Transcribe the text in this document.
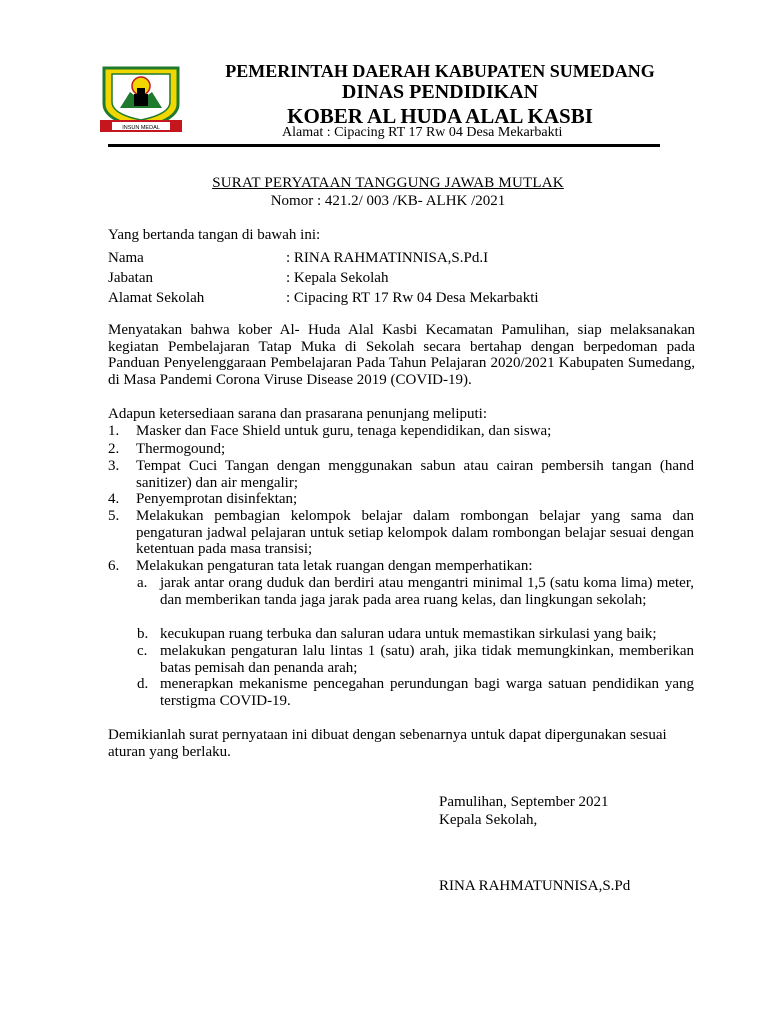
INSUN MEDAL
PEMERINTAH DAERAH KABUPATEN SUMEDANG
DINAS PENDIDIKAN
KOBER AL HUDA ALAL KASBI
Alamat : Cipacing RT 17 Rw 04 Desa Mekarbakti
SURAT PERYATAAN TANGGUNG JAWAB MUTLAK
Nomor : 421.2/ 003 /KB- ALHK /2021
Yang bertanda tangan di bawah ini:
Nama	: RINA RAHMATINNISA,S.Pd.I
Jabatan	: Kepala Sekolah
Alamat Sekolah	: Cipacing RT 17 Rw 04 Desa Mekarbakti
Menyatakan bahwa kober Al- Huda Alal Kasbi Kecamatan Pamulihan, siap melaksanakan kegiatan Pembelajaran Tatap Muka di Sekolah secara bertahap dengan berpedoman pada Panduan Penyelenggaraan Pembelajaran Pada Tahun Pelajaran 2020/2021 Kabupaten Sumedang, di Masa Pandemi Corona Viruse Disease 2019 (COVID-19).
Adapun ketersediaan sarana dan prasarana penunjang meliputi:
1. Masker dan Face Shield untuk guru, tenaga kependidikan, dan siswa;
2. Thermogound;
3. Tempat Cuci Tangan dengan menggunakan sabun atau cairan pembersih tangan (hand sanitizer) dan air mengalir;
4. Penyemprotan disinfektan;
5. Melakukan pembagian kelompok belajar dalam rombongan belajar yang sama dan pengaturan jadwal pelajaran untuk setiap kelompok dalam rombongan belajar sesuai dengan ketentuan pada masa transisi;
6. Melakukan pengaturan tata letak ruangan dengan memperhatikan:
a. jarak antar orang duduk dan berdiri atau mengantri minimal 1,5 (satu koma lima) meter, dan memberikan tanda jaga jarak pada area ruang kelas, dan lingkungan sekolah;
b. kecukupan ruang terbuka dan saluran udara untuk memastikan sirkulasi yang baik;
c. melakukan pengaturan lalu lintas 1 (satu) arah, jika tidak memungkinkan, memberikan batas pemisah dan penanda arah;
d. menerapkan mekanisme pencegahan perundungan bagi warga satuan pendidikan yang terstigma COVID-19.
Demikianlah surat pernyataan ini dibuat dengan sebenarnya untuk dapat dipergunakan sesuai aturan yang berlaku.
Pamulihan, September 2021
Kepala Sekolah,
RINA RAHMATUNNISA,S.Pd
